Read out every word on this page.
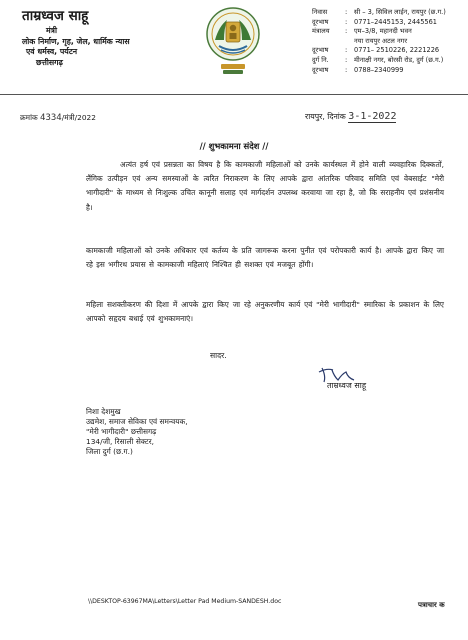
ताम्रध्वज साहू
मंत्री
लोक निर्माण, गृह, जेल, धार्मिक न्यास
एवं धर्मस्व, पर्यटन
छत्तीसगढ़
निवास	:	सी – 3, सिविल लाईन, रायपुर (छ.ग.)
दूरभाष	:	0771–2445153, 2445561
मंत्रालय	:	एम–3/8, महानदी भवन
नया रायपुर अटल नगर
दूरभाष	:	0771– 2510226, 2221226
दुर्ग नि.	:	मीनाक्षी नगर, बोरसी रोड, दुर्ग (छ.ग.)
दूरभाष	:	0788–2340999
क्रमांक 4334/मंत्री/2022	रायपुर, दिनांक 3-1-2022
// शुभकामना संदेश //

अत्यंत हर्ष एवं प्रसन्नता का विषय है कि कामकाजी महिलाओं को उनके कार्यस्थल में होने वाली व्यवहारिक दिक्कतों, लैंगिक उत्पीड़न एवं अन्य समस्याओं के त्वरित निराकरण के लिए आपके द्वारा आंतरिक परिवाद समिति एवं वेबसाईट "मेरी भागीदारी" के माध्यम से निःशुल्क उचित कानूनी सलाह एवं मार्गदर्शन उपलब्ध करवाया जा रहा है, जो कि सराहनीय एवं प्रशंसनीय है।

कामकाजी महिलाओं को उनके अधिकार एवं कर्तव्य के प्रति जागरूक करना पुनीत एवं परोपकारी कार्य है। आपके द्वारा किए जा रहे इस भगीरथ प्रयास से कामकाजी महिलाएं निश्चित ही सशक्त एवं मजबूत होंगी।

महिला सशक्तीकरण की दिशा में आपके द्वारा किए जा रहे अनुकरणीय कार्य एवं "मेरी भागीदारी" स्मारिका के प्रकाशन के लिए आपको सहृदय बधाई एवं शुभकामनाएं।

सादर.
ताम्रध्वज साहू
निशा देशमुख
उद्यमेश, समाज सेविका एवं समन्वयक,
"मेरी भागीदारी" छत्तीसगढ़
134/जी, रिसाली सेक्टर,
जिला दुर्ग (छ.ग.)
\\DESKTOP-63967MA\Letters\Letter Pad Medium-SANDESH.doc	पत्राचार क
